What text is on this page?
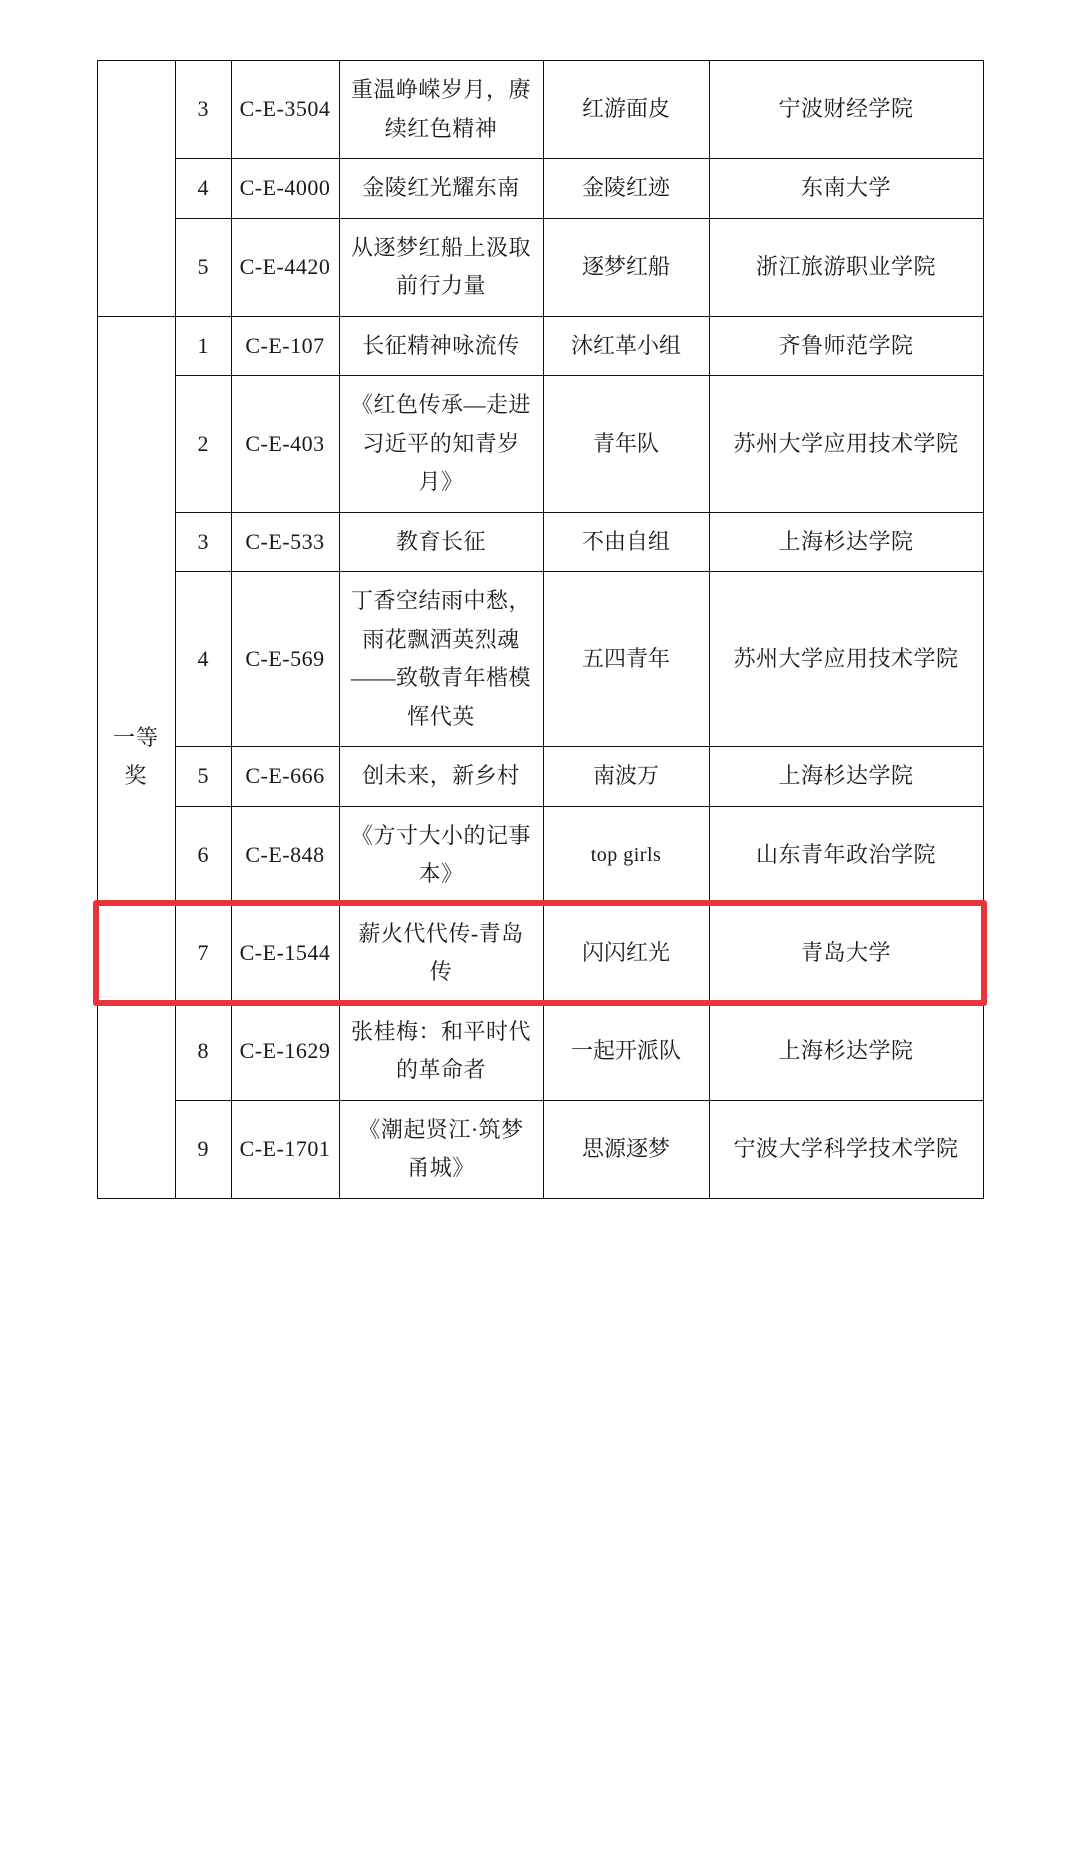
	3	C-E-3504	重温峥嵘岁月，赓续红色精神	红游面皮	宁波财经学院
	4	C-E-4000	金陵红光耀东南	金陵红迹	东南大学
	5	C-E-4420	从逐梦红船上汲取前行力量	逐梦红船	浙江旅游职业学院
一等奖	1	C-E-107	长征精神咏流传	沐红革小组	齐鲁师范学院
	2	C-E-403	《红色传承—走进习近平的知青岁月》	青年队	苏州大学应用技术学院
	3	C-E-533	教育长征	不由自组	上海杉达学院
	4	C-E-569	丁香空结雨中愁，雨花飘洒英烈魂——致敬青年楷模恽代英	五四青年	苏州大学应用技术学院
	5	C-E-666	创未来，新乡村	南波万	上海杉达学院
	6	C-E-848	《方寸大小的记事本》	top girls	山东青年政治学院
	7	C-E-1544	薪火代代传-青岛传	闪闪红光	青岛大学
	8	C-E-1629	张桂梅：和平时代的革命者	一起开派队	上海杉达学院
	9	C-E-1701	《潮起贤江·筑梦甬城》	思源逐梦	宁波大学科学技术学院
